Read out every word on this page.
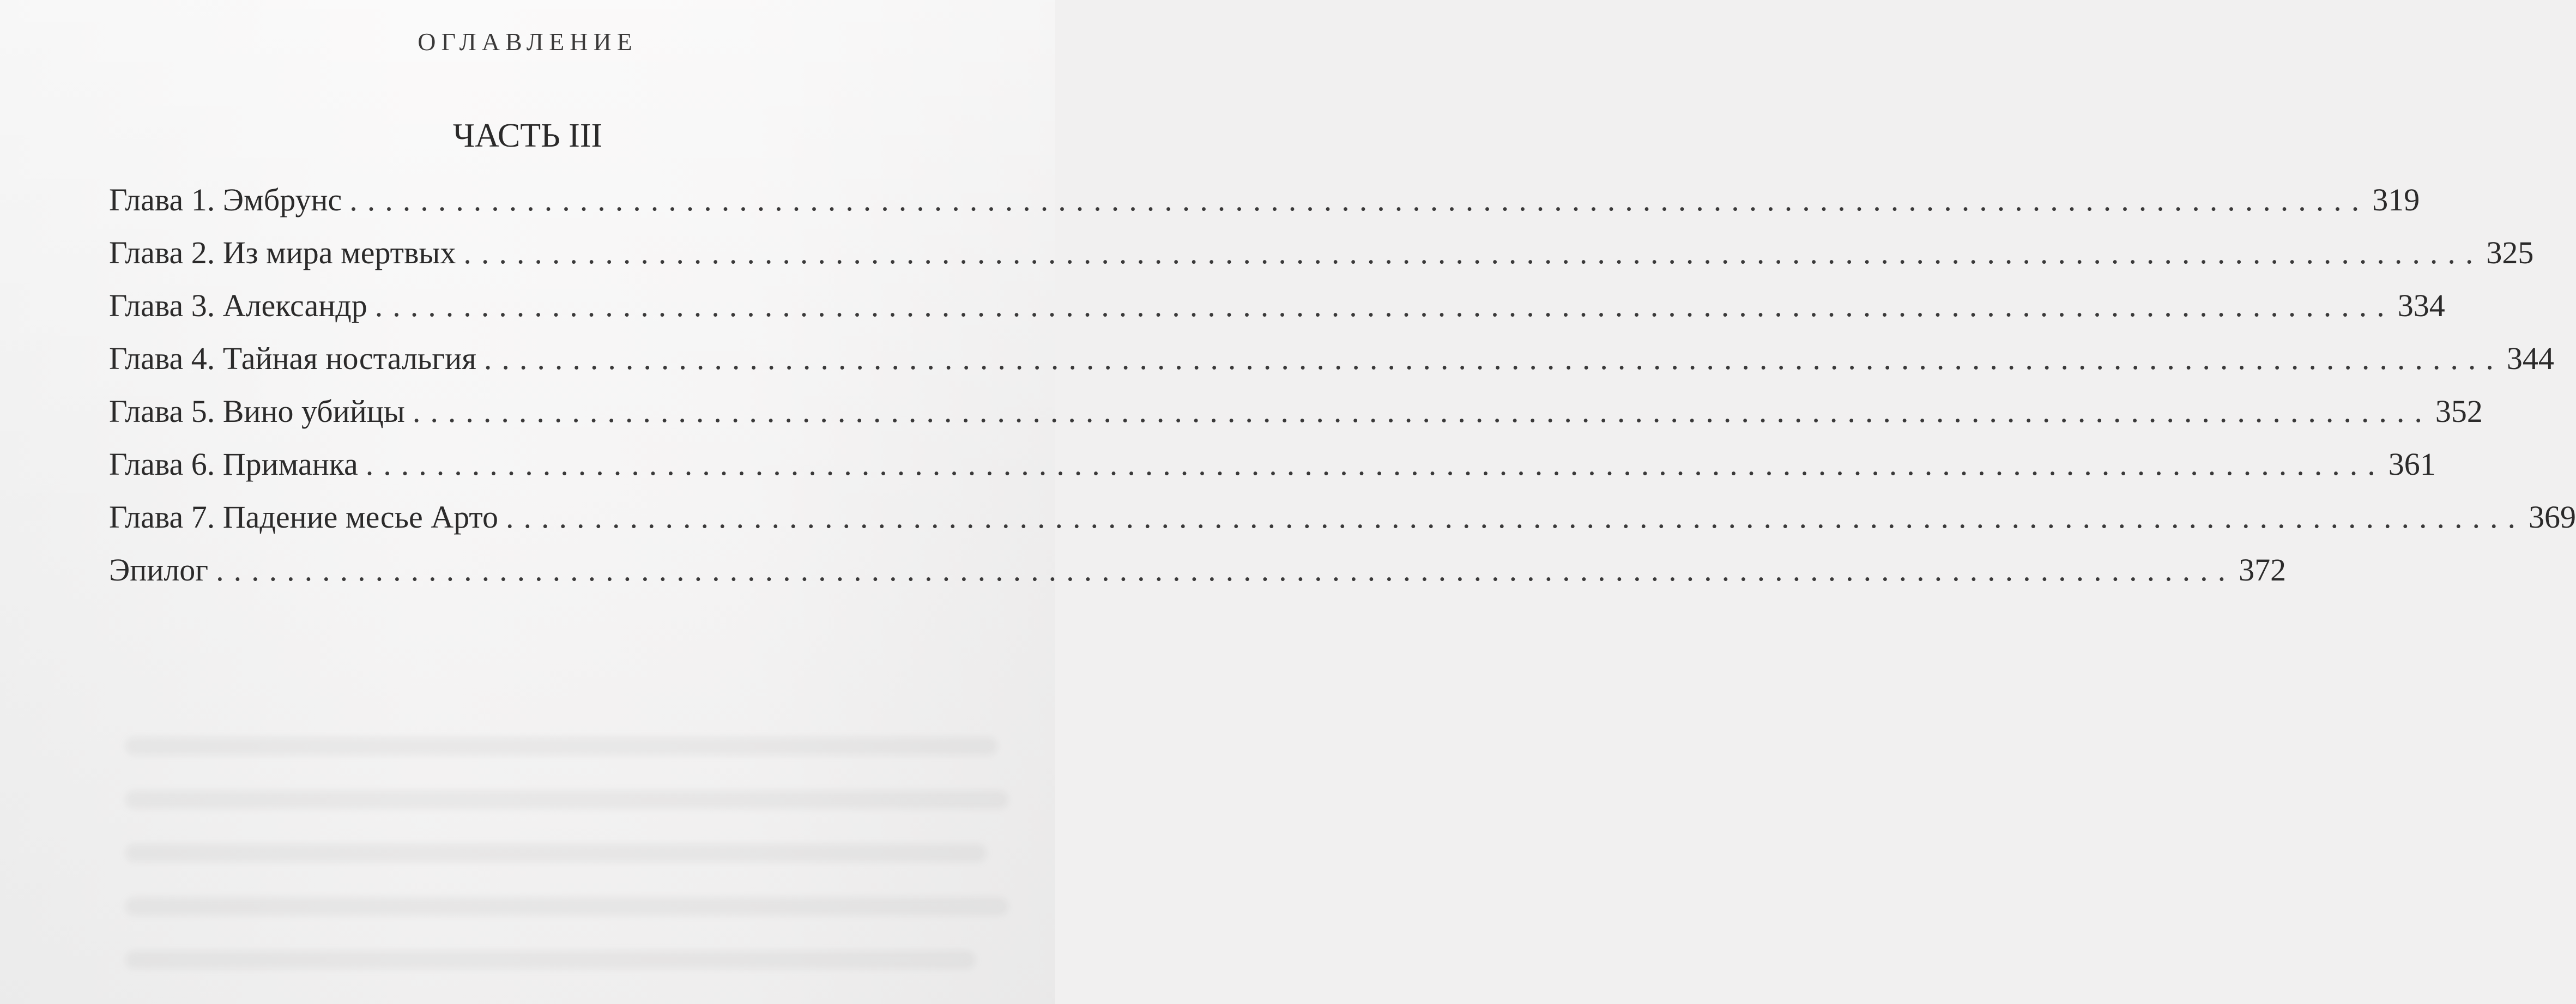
ОГЛАВЛЕНИЕ
ЧАСТЬ III
Глава 1. Эмбрунс .................................................................................................................. 319
Глава 2. Из мира мертвых .................................................................................................................. 325
Глава 3. Александр .................................................................................................................. 334
Глава 4. Тайная ностальгия .................................................................................................................. 344
Глава 5. Вино убийцы .................................................................................................................. 352
Глава 6. Приманка .................................................................................................................. 361
Глава 7. Падение месье Арто .................................................................................................................. 369
Эпилог .................................................................................................................. 372
